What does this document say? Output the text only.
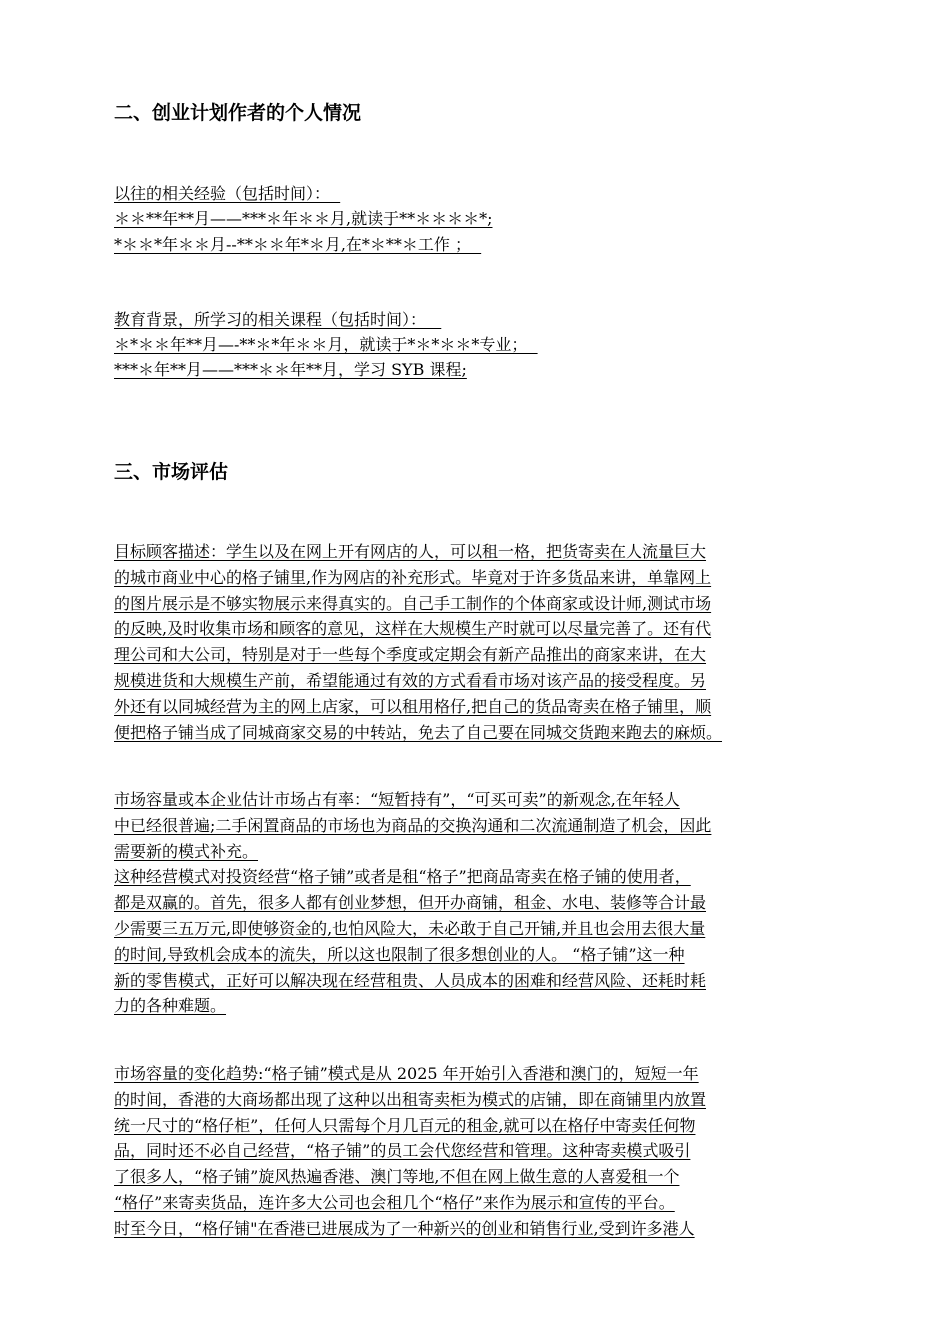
二、创业计划作者的个人情况

以往的相关经验（包括时间）：

＊＊**年**月——***＊年＊＊月,就读于**＊＊＊＊*;

*＊＊*年＊＊月--**＊＊年*＊月,在*＊**＊工作 ；

教育背景，所学习的相关课程（包括时间）：

＊*＊＊年**月—-**＊*年＊＊月，就读于*＊*＊＊*专业；

***＊年**月——***＊＊年**月，学习 SYB 课程;

三、市场评估
目标顾客描述：学生以及在网上开有网店的人，可以租一格，把货寄卖在人流量巨大
的城市商业中心的格子铺里,作为网店的补充形式。毕竟对于许多货品来讲，单靠网上
的图片展示是不够实物展示来得真实的。自己手工制作的个体商家或设计师,测试市场
的反映,及时收集市场和顾客的意见，这样在大规模生产时就可以尽量完善了。还有代
理公司和大公司，特别是对于一些每个季度或定期会有新产品推出的商家来讲，在大
规模进货和大规模生产前，希望能通过有效的方式看看市场对该产品的接受程度。另
外还有以同城经营为主的网上店家，可以租用格仔,把自己的货品寄卖在格子铺里，顺
便把格子铺当成了同城商家交易的中转站，免去了自己要在同城交货跑来跑去的麻烦。
市场容量或本企业估计市场占有率：“短暂持有”，“可买可卖”的新观念,在年轻人
中已经很普遍;二手闲置商品的市场也为商品的交换沟通和二次流通制造了机会，因此
需要新的模式补充。
这种经营模式对投资经营“格子铺”或者是租“格子”把商品寄卖在格子铺的使用者，
都是双赢的。首先，很多人都有创业梦想，但开办商铺，租金、水电、装修等合计最
少需要三五万元,即使够资金的,也怕风险大，未必敢于自己开铺,并且也会用去很大量
的时间,导致机会成本的流失，所以这也限制了很多想创业的人。 “格子铺”这一种
新的零售模式，正好可以解决现在经营租贵、人员成本的困难和经营风险、还耗时耗
力的各种难题。
市场容量的变化趋势:“格子铺”模式是从 2025 年开始引入香港和澳门的，短短一年
的时间，香港的大商场都出现了这种以出租寄卖柜为模式的店铺，即在商铺里内放置
统一尺寸的“格仔柜”，任何人只需每个月几百元的租金,就可以在格仔中寄卖任何物
品，同时还不必自己经营，“格子铺”的员工会代您经营和管理。这种寄卖模式吸引
了很多人，“格子铺”旋风热遍香港、澳门等地,不但在网上做生意的人喜爱租一个
“格仔”来寄卖货品，连许多大公司也会租几个“格仔”来作为展示和宣传的平台。
时至今日，“格仔铺"在香港已进展成为了一种新兴的创业和销售行业,受到许多港人
